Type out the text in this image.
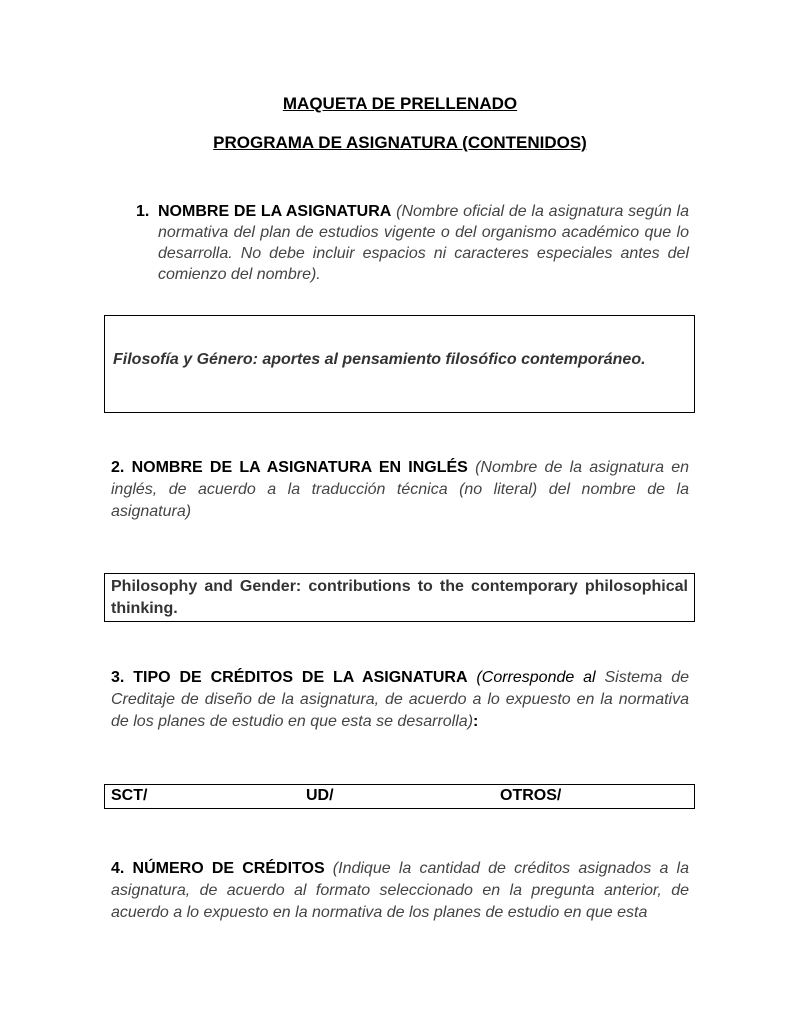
MAQUETA DE PRELLENADO
PROGRAMA DE ASIGNATURA (CONTENIDOS)
1. NOMBRE DE LA ASIGNATURA (Nombre oficial de la asignatura según la normativa del plan de estudios vigente o del organismo académico que lo desarrolla. No debe incluir espacios ni caracteres especiales antes del comienzo del nombre).
Filosofía y Género: aportes al pensamiento filosófico contemporáneo.
2. NOMBRE DE LA ASIGNATURA EN INGLÉS (Nombre de la asignatura en inglés, de acuerdo a la traducción técnica (no literal) del nombre de la asignatura)
Philosophy and Gender: contributions to the contemporary philosophical thinking.
3. TIPO DE CRÉDITOS DE LA ASIGNATURA (Corresponde al Sistema de Creditaje de diseño de la asignatura, de acuerdo a lo expuesto en la normativa de los planes de estudio en que esta se desarrolla):
SCT/	UD/	OTROS/
4. NÚMERO DE CRÉDITOS (Indique la cantidad de créditos asignados a la asignatura, de acuerdo al formato seleccionado en la pregunta anterior, de acuerdo a lo expuesto en la normativa de los planes de estudio en que esta
